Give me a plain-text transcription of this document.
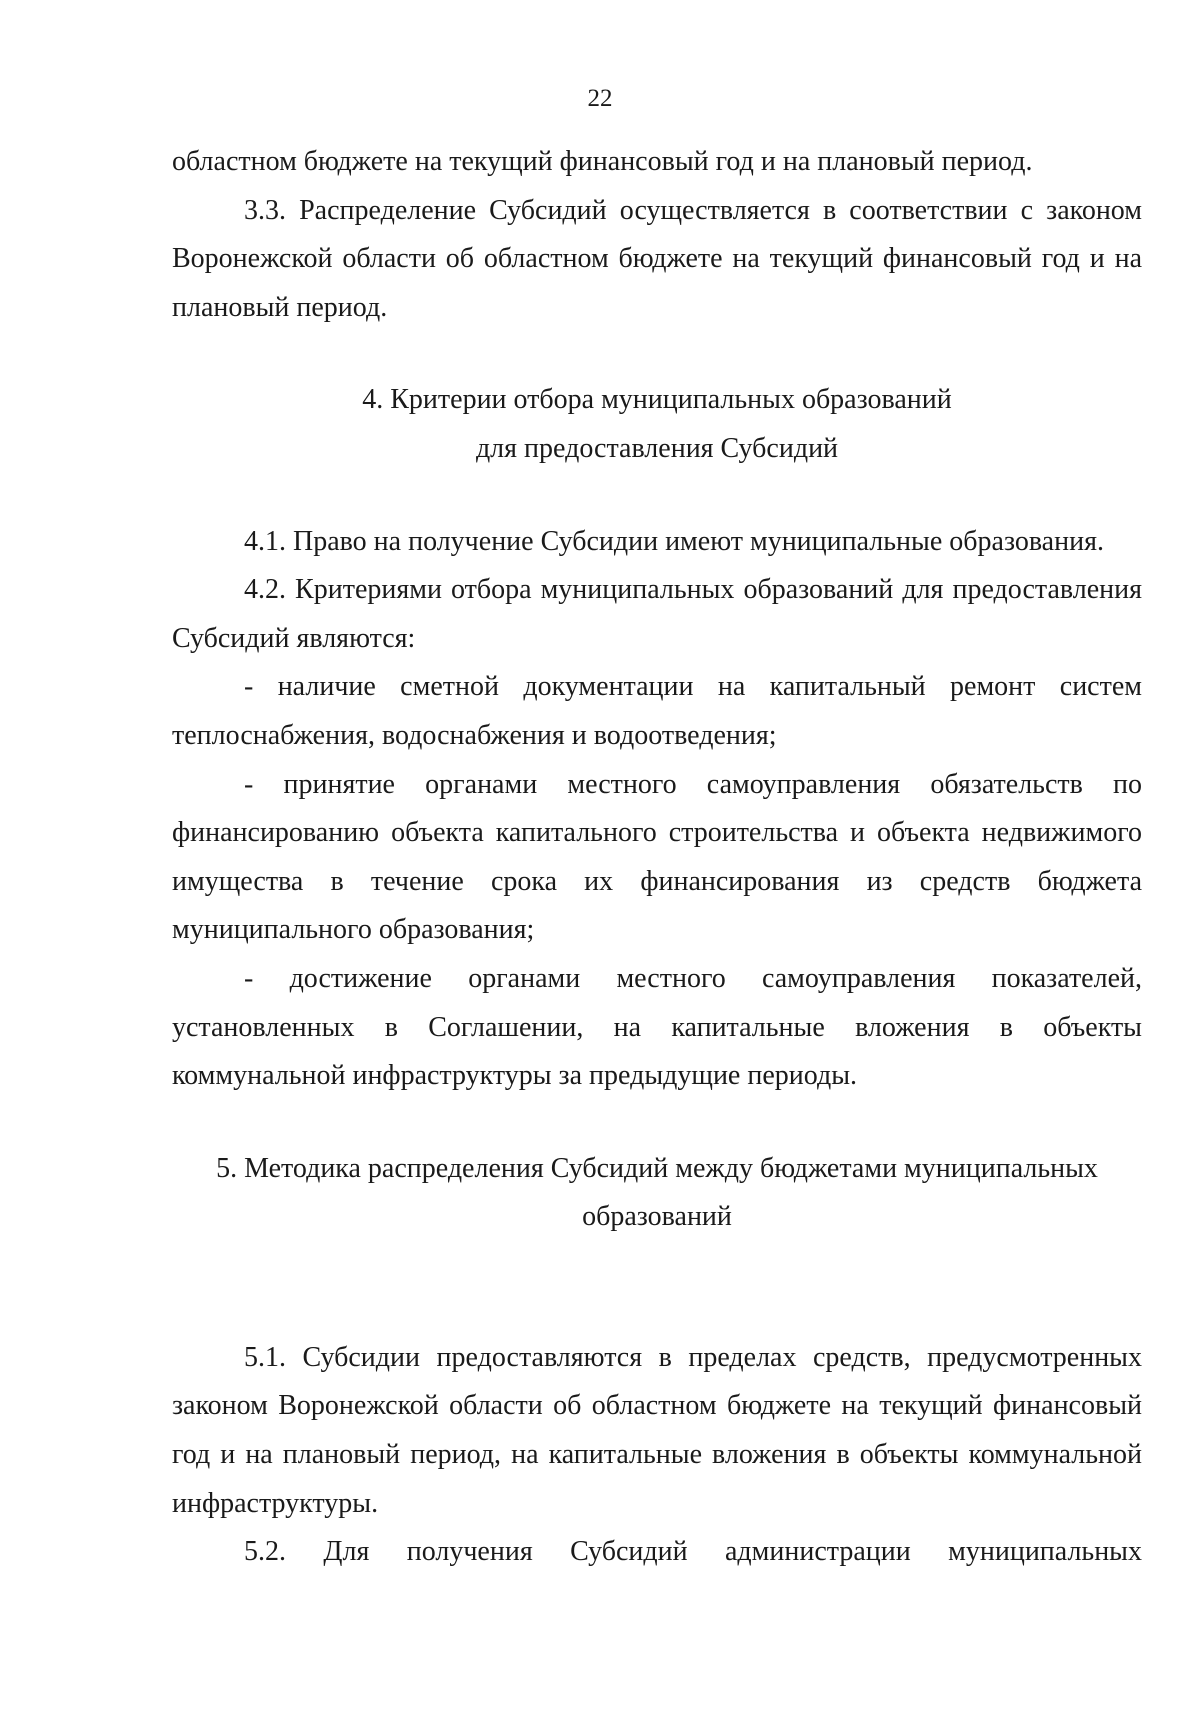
22

областном бюджете на текущий финансовый год и на плановый период.

3.3. Распределение Субсидий осуществляется в соответствии с законом Воронежской области об областном бюджете на текущий финансовый год и на плановый период.

4. Критерии отбора муниципальных образований
для предоставления Субсидий

4.1. Право на получение Субсидии имеют муниципальные образования.

4.2. Критериями отбора муниципальных образований для предоставления Субсидий являются:

- наличие сметной документации на капитальный ремонт систем теплоснабжения, водоснабжения и водоотведения;

- принятие органами местного самоуправления обязательств по финансированию объекта капитального строительства и объекта недвижимого имущества в течение срока их финансирования из средств бюджета муниципального образования;

- достижение органами местного самоуправления показателей, установленных в Соглашении, на капитальные вложения в объекты коммунальной инфраструктуры за предыдущие периоды.

5. Методика распределения Субсидий между бюджетами муниципальных
образований

5.1. Субсидии предоставляются в пределах средств, предусмотренных законом Воронежской области об областном бюджете на текущий финансовый год и на плановый период, на капитальные вложения в объекты коммунальной инфраструктуры.

5.2. Для получения Субсидий администрации муниципальных
